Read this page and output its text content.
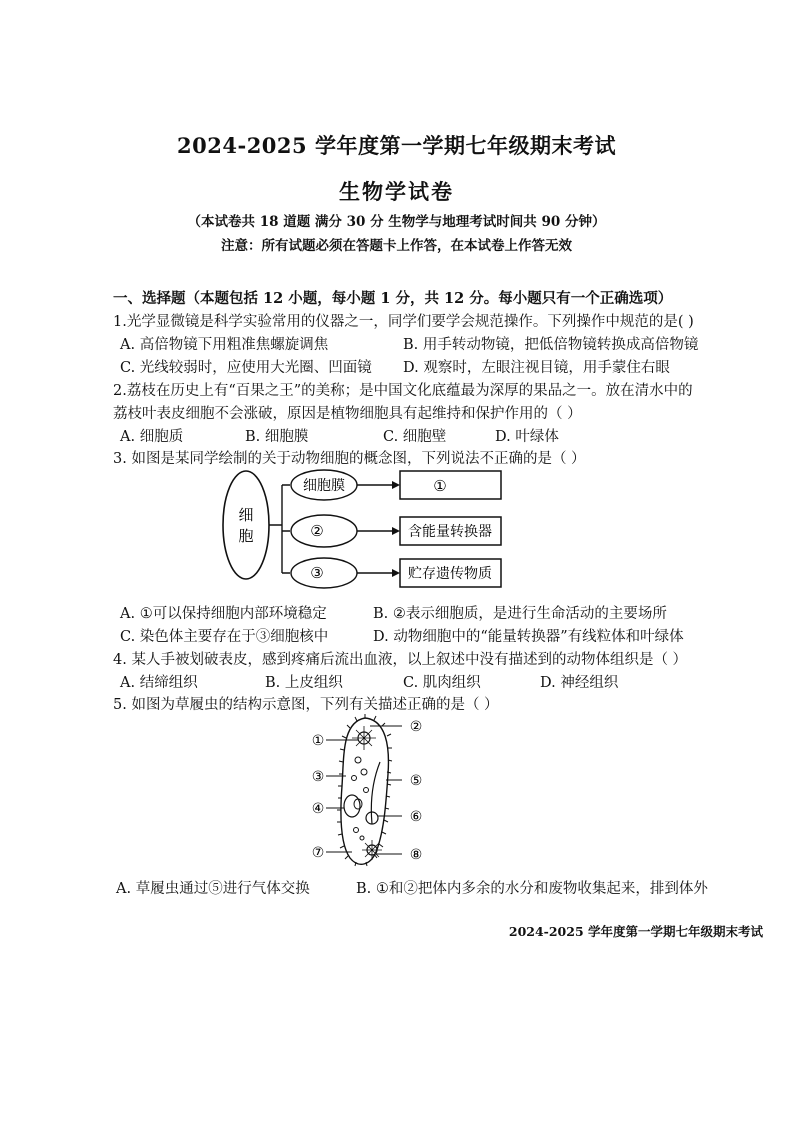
2024-2025 学年度第一学期七年级期末考试
生物学试卷
（本试卷共 18 道题 满分 30 分 生物学与地理考试时间共 90 分钟）
注意：所有试题必须在答题卡上作答，在本试卷上作答无效
一、选择题（本题包括 12 小题，每小题 1 分，共 12 分。每小题只有一个正确选项）
1.光学显微镜是科学实验常用的仪器之一，同学们要学会规范操作。下列操作中规范的是( )
A. 高倍物镜下用粗准焦螺旋调焦	B. 用手转动物镜，把低倍物镜转换成高倍物镜
C. 光线较弱时，应使用大光圈、凹面镜 D. 观察时，左眼注视目镜，用手蒙住右眼
2.荔枝在历史上有“百果之王”的美称；是中国文化底蕴最为深厚的果品之一。放在清水中的
荔枝叶表皮细胞不会涨破，原因是植物细胞具有起维持和保护作用的（ ）
A. 细胞质	B. 细胞膜	C. 细胞壁	D. 叶绿体
3. 如图是某同学绘制的关于动物细胞的概念图，下列说法不正确的是（ ）
细
胞
细胞膜
②
③
①
含能量转换器
贮存遗传物质
A. ①可以保持细胞内部环境稳定	B. ②表示细胞质，是进行生命活动的主要场所
C. 染色体主要存在于③细胞核中	D. 动物细胞中的“能量转换器”有线粒体和叶绿体
4. 某人手被划破表皮，感到疼痛后流出血液，以上叙述中没有描述到的动物体组织是（ ）
A. 结缔组织	B. 上皮组织	C. 肌肉组织	D. 神经组织
5. 如图为草履虫的结构示意图，下列有关描述正确的是（ ）
①
②
③	⑤
④	⑥
⑦	⑧
A. 草履虫通过⑤进行气体交换	B. ①和②把体内多余的水分和废物收集起来，排到体外
2024-2025 学年度第一学期七年级期末考试
